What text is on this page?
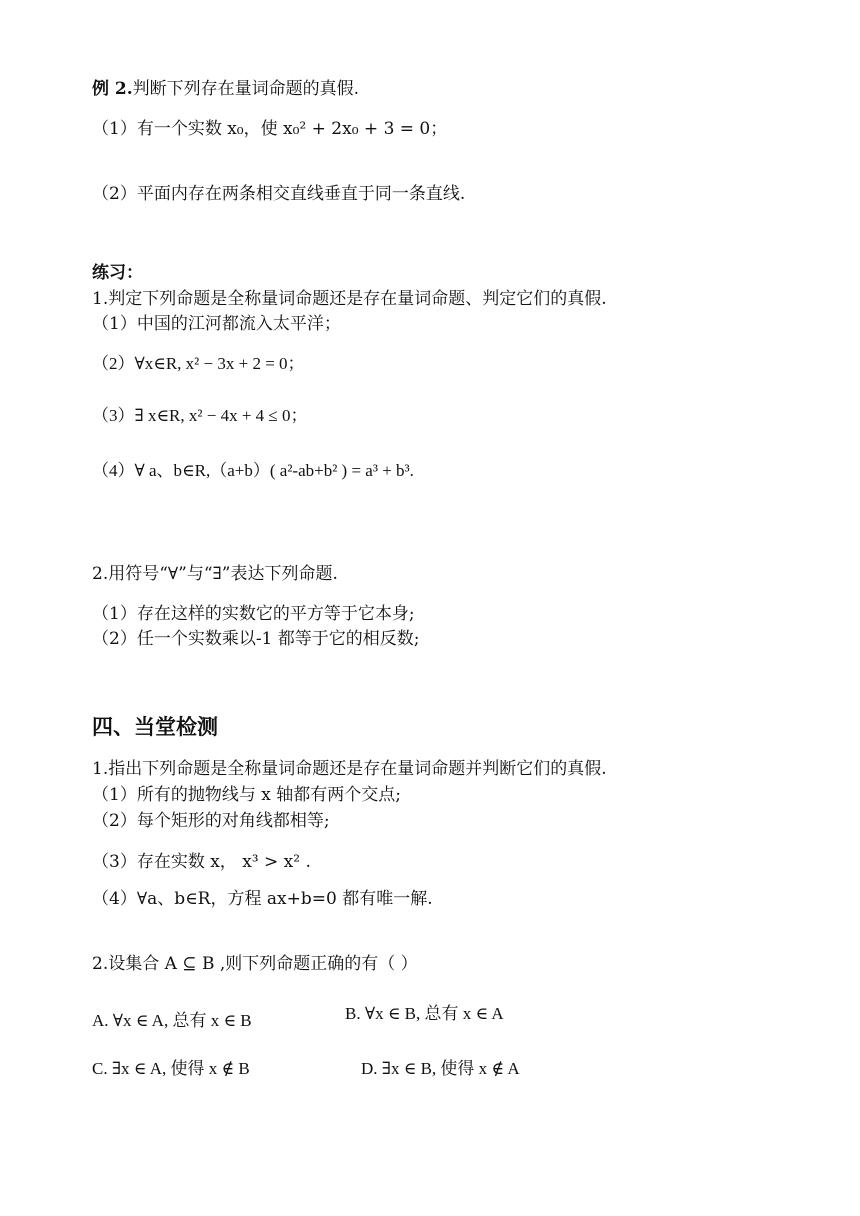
例 2.判断下列存在量词命题的真假.
（1）有一个实数 x₀，使 x₀² + 2x₀ + 3 = 0；
（2）平面内存在两条相交直线垂直于同一条直线.
练习：
1.判定下列命题是全称量词命题还是存在量词命题、判定它们的真假.
（1）中国的江河都流入太平洋；
（2）∀x∈R, x² − 3x + 2 = 0；
（3）∃ x∈R, x² − 4x + 4 ≤ 0；
（4）∀ a、b∈R,（a+b）( a²-ab+b² ) = a³ + b³.
2.用符号“∀”与“∃”表达下列命题.
（1）存在这样的实数它的平方等于它本身;
（2）任一个实数乘以-1 都等于它的相反数;
四、当堂检测
1.指出下列命题是全称量词命题还是存在量词命题并判断它们的真假.
（1）所有的抛物线与 x 轴都有两个交点;
（2）每个矩形的对角线都相等;
（3）存在实数 x， x³ > x² .
（4）∀a、b∈R，方程 ax+b=0 都有唯一解.
2.设集合 A ⊆ B ,则下列命题正确的有（ ）
A. ∀x ∈ A, 总有 x ∈ B	B. ∀x ∈ B, 总有 x ∈ A
C. ∃x ∈ A, 使得 x ∉ B	D. ∃x ∈ B, 使得 x ∉ A
